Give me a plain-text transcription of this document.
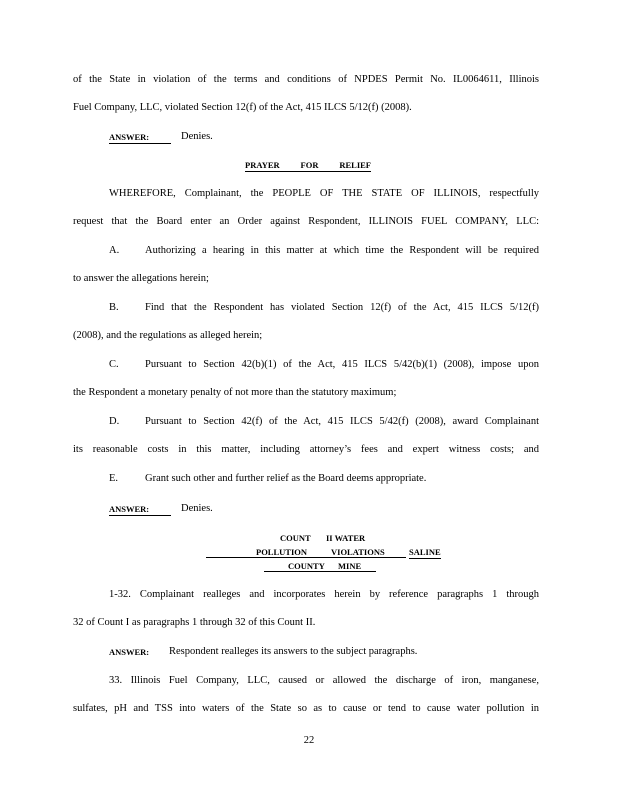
of the State in violation of the terms and conditions of NPDES Permit No. IL0064611, Illinois
Fuel Company, LLC, violated Section 12(f) of the Act, 415 ILCS 5/12(f) (2008).
ANSWER:	Denies.
PRAYER FOR RELIEF
WHEREFORE, Complainant, the PEOPLE OF THE STATE OF ILLINOIS, respectfully
request that the Board enter an Order against Respondent, ILLINOIS FUEL COMPANY, LLC:
A. Authorizing a hearing in this matter at which time the Respondent will be required
to answer the allegations herein;
B.	Find that the Respondent has violated Section 12(f) of the Act, 415 ILCS 5/12(f)
(2008), and the regulations as alleged herein;
C.	Pursuant to Section 42(b)(1) of the Act, 415 ILCS 5/42(b)(1) (2008), impose upon
the Respondent a monetary penalty of not more than the statutory maximum;
D. Pursuant to Section 42(f) of the Act, 415 ILCS 5/42(f) (2008), award Complainant
its reasonable costs in this matter, including attorney’s fees and expert witness costs; and
E.	Grant such other and further relief as the Board deems appropriate.
ANSWER:	Denies.
COUNT II WATER
POLLUTION	VIOLATIONS	SALINE
COUNTY MINE
1-32. Complainant realleges and incorporates herein by reference paragraphs 1 through
32 of Count I as paragraphs 1 through 32 of this Count II.
ANSWER:	Respondent realleges its answers to the subject paragraphs.
33. Illinois Fuel Company, LLC, caused or allowed the discharge of iron, manganese,
sulfates, pH and TSS into waters of the State so as to cause or tend to cause water pollution in
22
